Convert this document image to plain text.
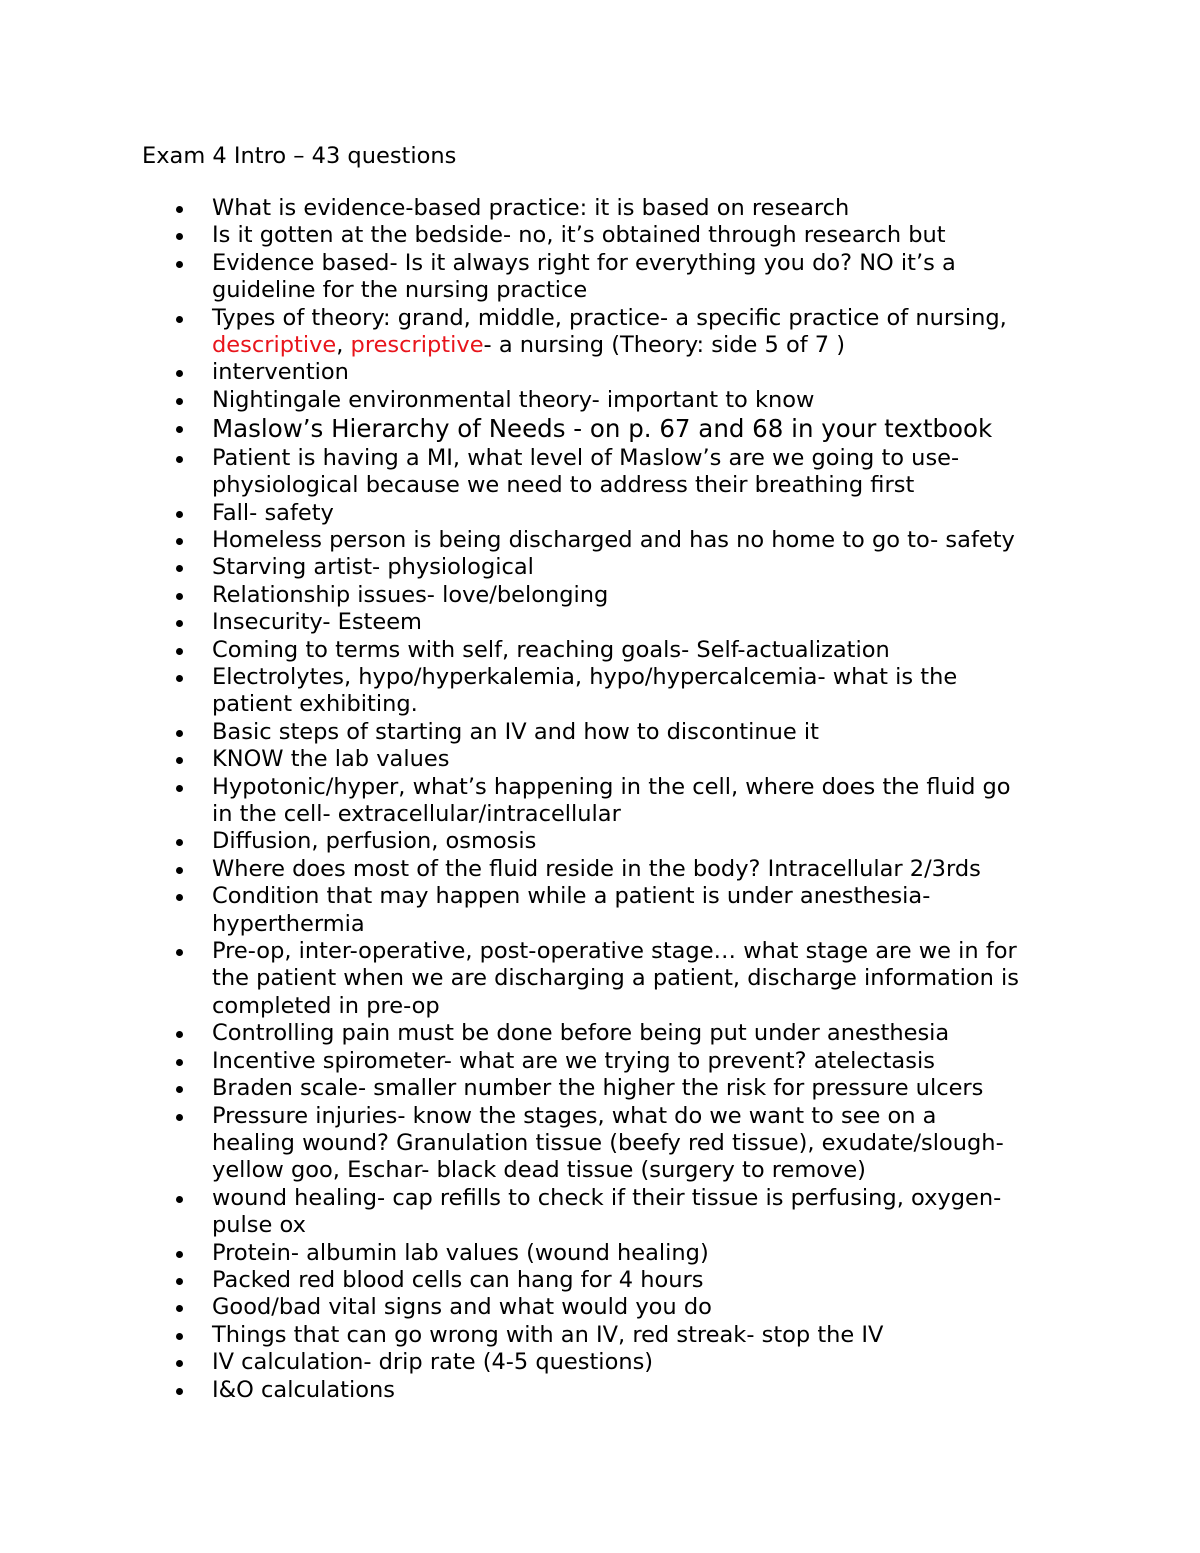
Exam 4 Intro – 43 questions
What is evidence-based practice: it is based on research
Is it gotten at the bedside- no, it’s obtained through research but
Evidence based- Is it always right for everything you do? NO it’s a
guideline for the nursing practice
Types of theory: grand, middle, practice- a specific practice of nursing,
descriptive, prescriptive- a nursing (Theory: side 5 of 7 )
intervention
Nightingale environmental theory- important to know
Maslow’s Hierarchy of Needs - on p. 67 and 68 in your textbook
Patient is having a MI, what level of Maslow’s are we going to use-
physiological because we need to address their breathing first
Fall- safety
Homeless person is being discharged and has no home to go to- safety
Starving artist- physiological
Relationship issues- love/belonging
Insecurity- Esteem
Coming to terms with self, reaching goals- Self-actualization
Electrolytes, hypo/hyperkalemia, hypo/hypercalcemia- what is the
patient exhibiting.
Basic steps of starting an IV and how to discontinue it
KNOW the lab values
Hypotonic/hyper, what’s happening in the cell, where does the fluid go
in the cell- extracellular/intracellular
Diffusion, perfusion, osmosis
Where does most of the fluid reside in the body? Intracellular 2/3rds
Condition that may happen while a patient is under anesthesia-
hyperthermia
Pre-op, inter-operative, post-operative stage… what stage are we in for
the patient when we are discharging a patient, discharge information is
completed in pre-op
Controlling pain must be done before being put under anesthesia
Incentive spirometer- what are we trying to prevent? atelectasis
Braden scale- smaller number the higher the risk for pressure ulcers
Pressure injuries- know the stages, what do we want to see on a
healing wound? Granulation tissue (beefy red tissue), exudate/slough-
yellow goo, Eschar- black dead tissue (surgery to remove)
wound healing- cap refills to check if their tissue is perfusing, oxygen-
pulse ox
Protein- albumin lab values (wound healing)
Packed red blood cells can hang for 4 hours
Good/bad vital signs and what would you do
Things that can go wrong with an IV, red streak- stop the IV
IV calculation- drip rate (4-5 questions)
I&O calculations
